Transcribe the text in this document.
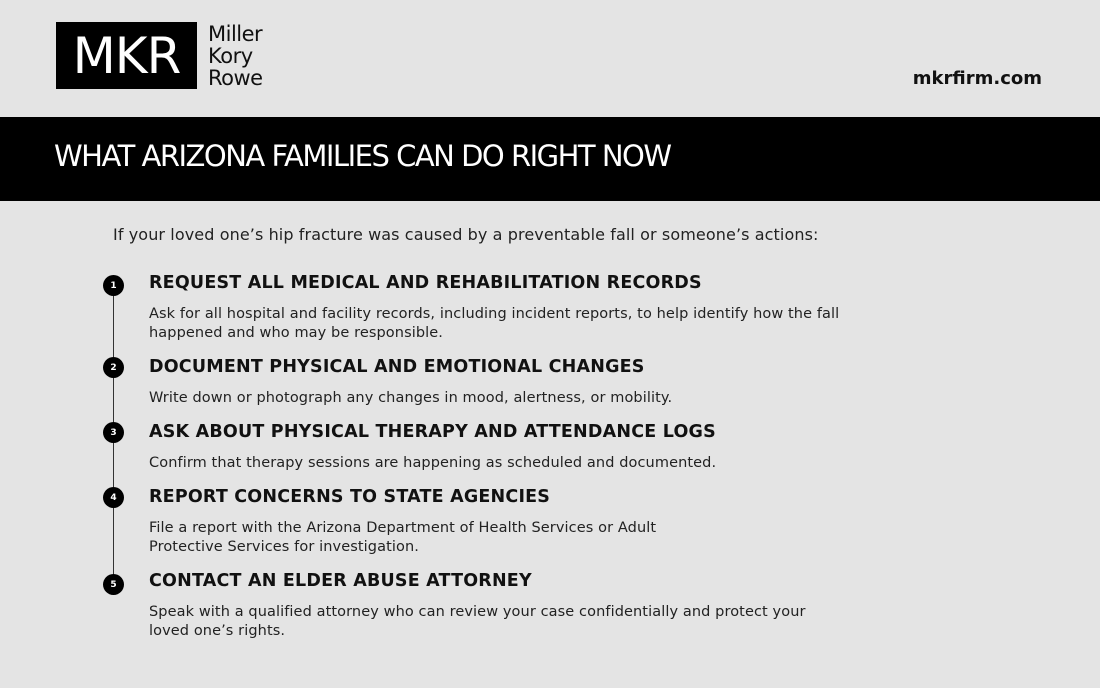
MKR	Miller
Kory
Rowe	mkrfirm.com
WHAT ARIZONA FAMILIES CAN DO RIGHT NOW
If your loved one’s hip fracture was caused by a preventable fall or someone’s actions:
1	REQUEST ALL MEDICAL AND REHABILITATION RECORDS
Ask for all hospital and facility records, including incident reports, to help identify how the fall
happened and who may be responsible.
2	DOCUMENT PHYSICAL AND EMOTIONAL CHANGES
Write down or photograph any changes in mood, alertness, or mobility.
3	ASK ABOUT PHYSICAL THERAPY AND ATTENDANCE LOGS
Confirm that therapy sessions are happening as scheduled and documented.
4	REPORT CONCERNS TO STATE AGENCIES
File a report with the Arizona Department of Health Services or Adult
Protective Services for investigation.
5	CONTACT AN ELDER ABUSE ATTORNEY
Speak with a qualified attorney who can review your case confidentially and protect your
loved one’s rights.
